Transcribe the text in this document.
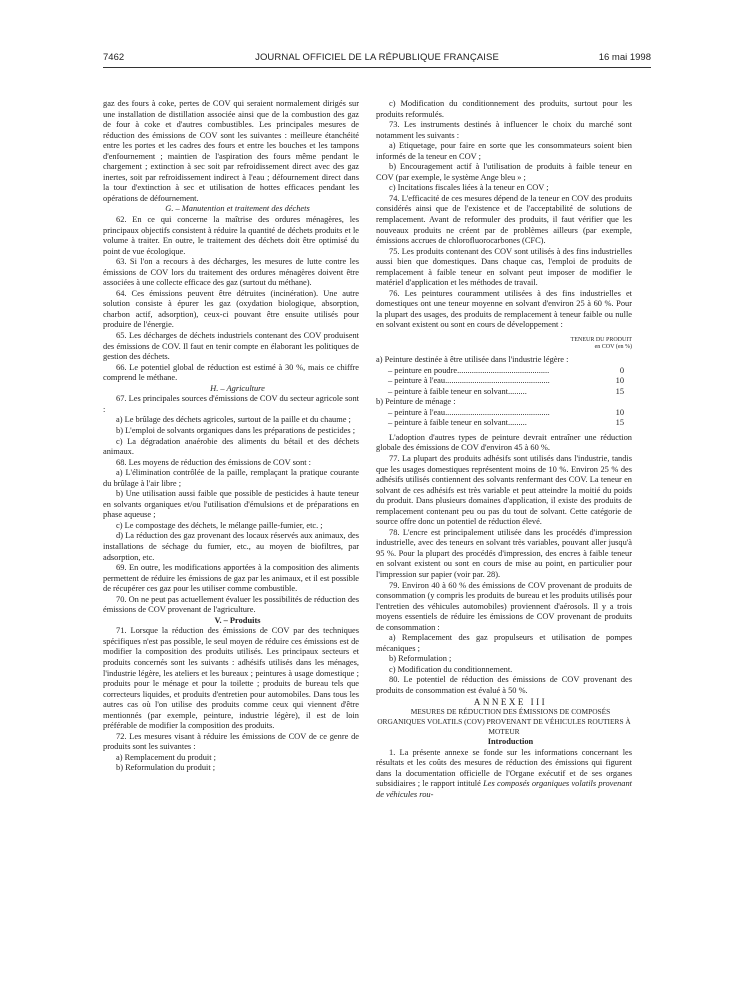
7462	JOURNAL OFFICIEL DE LA RÉPUBLIQUE FRANÇAISE	16 mai 1998

gaz des fours à coke, pertes de COV qui seraient normalement dirigés sur une installation de distillation associée ainsi que de la combustion des gaz de four à coke et d'autres combustibles. Les principales mesures de réduction des émissions de COV sont les suivantes : meilleure étanchéité entre les portes et les cadres des fours et entre les bouches et les tampons d'enfournement ; maintien de l'aspiration des fours même pendant le chargement ; extinction à sec soit par refroidissement direct avec des gaz inertes, soit par refroidissement indirect à l'eau ; défournement direct dans la tour d'extinction à sec et utilisation de hottes efficaces pendant les opérations de défournement.

G. – Manutention et traitement des déchets

62. En ce qui concerne la maîtrise des ordures ménagères, les principaux objectifs consistent à réduire la quantité de déchets produits et le volume à traiter. En outre, le traitement des déchets doit être optimisé du point de vue écologique.

63. Si l'on a recours à des décharges, les mesures de lutte contre les émissions de COV lors du traitement des ordures ménagères doivent être associées à une collecte efficace des gaz (surtout du méthane).

64. Ces émissions peuvent être détruites (incinération). Une autre solution consiste à épurer les gaz (oxydation biologique, absorption, charbon actif, adsorption), ceux-ci pouvant être ensuite utilisés pour produire de l'énergie.

65. Les décharges de déchets industriels contenant des COV produisent des émissions de COV. Il faut en tenir compte en élaborant les politiques de gestion des déchets.

66. Le potentiel global de réduction est estimé à 30 %, mais ce chiffre comprend le méthane.

H. – Agriculture

67. Les principales sources d'émissions de COV du secteur agricole sont :

a) Le brûlage des déchets agricoles, surtout de la paille et du chaume ;

b) L'emploi de solvants organiques dans les préparations de pesticides ;

c) La dégradation anaérobie des aliments du bétail et des déchets animaux.

68. Les moyens de réduction des émissions de COV sont :

a) L'élimination contrôlée de la paille, remplaçant la pratique courante du brûlage à l'air libre ;

b) Une utilisation aussi faible que possible de pesticides à haute teneur en solvants organiques et/ou l'utilisation d'émulsions et de préparations en phase aqueuse ;

c) Le compostage des déchets, le mélange paille-fumier, etc. ;

d) La réduction des gaz provenant des locaux réservés aux animaux, des installations de séchage du fumier, etc., au moyen de biofiltres, par adsorption, etc.

69. En outre, les modifications apportées à la composition des aliments permettent de réduire les émissions de gaz par les animaux, et il est possible de récupérer ces gaz pour les utiliser comme combustible.

70. On ne peut pas actuellement évaluer les possibilités de réduction des émissions de COV provenant de l'agriculture.

V. – Produits

71. Lorsque la réduction des émissions de COV par des techniques spécifiques n'est pas possible, le seul moyen de réduire ces émissions est de modifier la composition des produits utilisés. Les principaux secteurs et produits concernés sont les suivants : adhésifs utilisés dans les ménages, l'industrie légère, les ateliers et les bureaux ; peintures à usage domestique ; produits pour le ménage et pour la toilette ; produits de bureau tels que correcteurs liquides, et produits d'entretien pour automobiles. Dans tous les autres cas où l'on utilise des produits comme ceux qui viennent d'être mentionnés (par exemple, peinture, industrie légère), il est de loin préférable de modifier la composition des produits.

72. Les mesures visant à réduire les émissions de COV de ce genre de produits sont les suivantes :

a) Remplacement du produit ;

b) Reformulation du produit ;

c) Modification du conditionnement des produits, surtout pour les produits reformulés.

73. Les instruments destinés à influencer le choix du marché sont notamment les suivants :

a) Etiquetage, pour faire en sorte que les consommateurs soient bien informés de la teneur en COV ;

b) Encouragement actif à l'utilisation de produits à faible teneur en COV (par exemple, le système Ange bleu » ;

c) Incitations fiscales liées à la teneur en COV ;

74. L'efficacité de ces mesures dépend de la teneur en COV des produits considérés ainsi que de l'existence et de l'acceptabilité de solutions de remplacement. Avant de reformuler des produits, il faut vérifier que les nouveaux produits ne créent par de problèmes ailleurs (par exemple, émissions accrues de chlorofluorocarbones (CFC).

75. Les produits contenant des COV sont utilisés à des fins industrielles aussi bien que domestiques. Dans chaque cas, l'emploi de produits de remplacement à faible teneur en solvant peut imposer de modifier le matériel d'application et les méthodes de travail.

76. Les peintures couramment utilisées à des fins industrielles et domestiques ont une teneur moyenne en solvant d'environ 25 à 60 %. Pour la plupart des usages, des produits de remplacement à teneur faible ou nulle en solvant existent ou sont en cours de développement :

TENEUR DU PRODUIT
en COV (en %)

a) Peinture destinée à être utilisée dans l'industrie légère :

– peinture en poudre............................................	0
– peinture à l'eau..................................................	10
– peinture à faible teneur en solvant.........	15

b) Peinture de ménage :

– peinture à l'eau..................................................	10
– peinture à faible teneur en solvant.........	15

L'adoption d'autres types de peinture devrait entraîner une réduction globale des émissions de COV d'environ 45 à 60 %.

77. La plupart des produits adhésifs sont utilisés dans l'industrie, tandis que les usages domestiques représentent moins de 10 %. Environ 25 % des adhésifs utilisés contiennent des solvants renfermant des COV. La teneur en solvant de ces adhésifs est très variable et peut atteindre la moitié du poids du produit. Dans plusieurs domaines d'application, il existe des produits de remplacement contenant peu ou pas du tout de solvant. Cette catégorie de source offre donc un potentiel de réduction élevé.

78. L'encre est principalement utilisée dans les procédés d'impression industrielle, avec des teneurs en solvant très variables, pouvant aller jusqu'à 95 %. Pour la plupart des procédés d'impression, des encres à faible teneur en solvant existent ou sont en cours de mise au point, en particulier pour l'impression sur papier (voir par. 28).

79. Environ 40 à 60 % des émissions de COV provenant de produits de consommation (y compris les produits de bureau et les produits utilisés pour l'entretien des véhicules automobiles) proviennent d'aérosols. Il y a trois moyens essentiels de réduire les émissions de COV provenant de produits de consommation :

a) Remplacement des gaz propulseurs et utilisation de pompes mécaniques ;

b) Reformulation ;

c) Modification du conditionnement.

80. Le potentiel de réduction des émissions de COV provenant des produits de consommation est évalué à 50 %.

ANNEXE III

MESURES DE RÉDUCTION DES ÉMISSIONS DE COMPOSÉS ORGANIQUES VOLATILS (COV) PROVENANT DE VÉHICULES ROUTIERS À MOTEUR

Introduction

1. La présente annexe se fonde sur les informations concernant les résultats et les coûts des mesures de réduction des émissions qui figurent dans la documentation officielle de l'Organe exécutif et de ses organes subsidiaires ; le rapport intitulé Les composés organiques volatils provenant de véhicules rou-
